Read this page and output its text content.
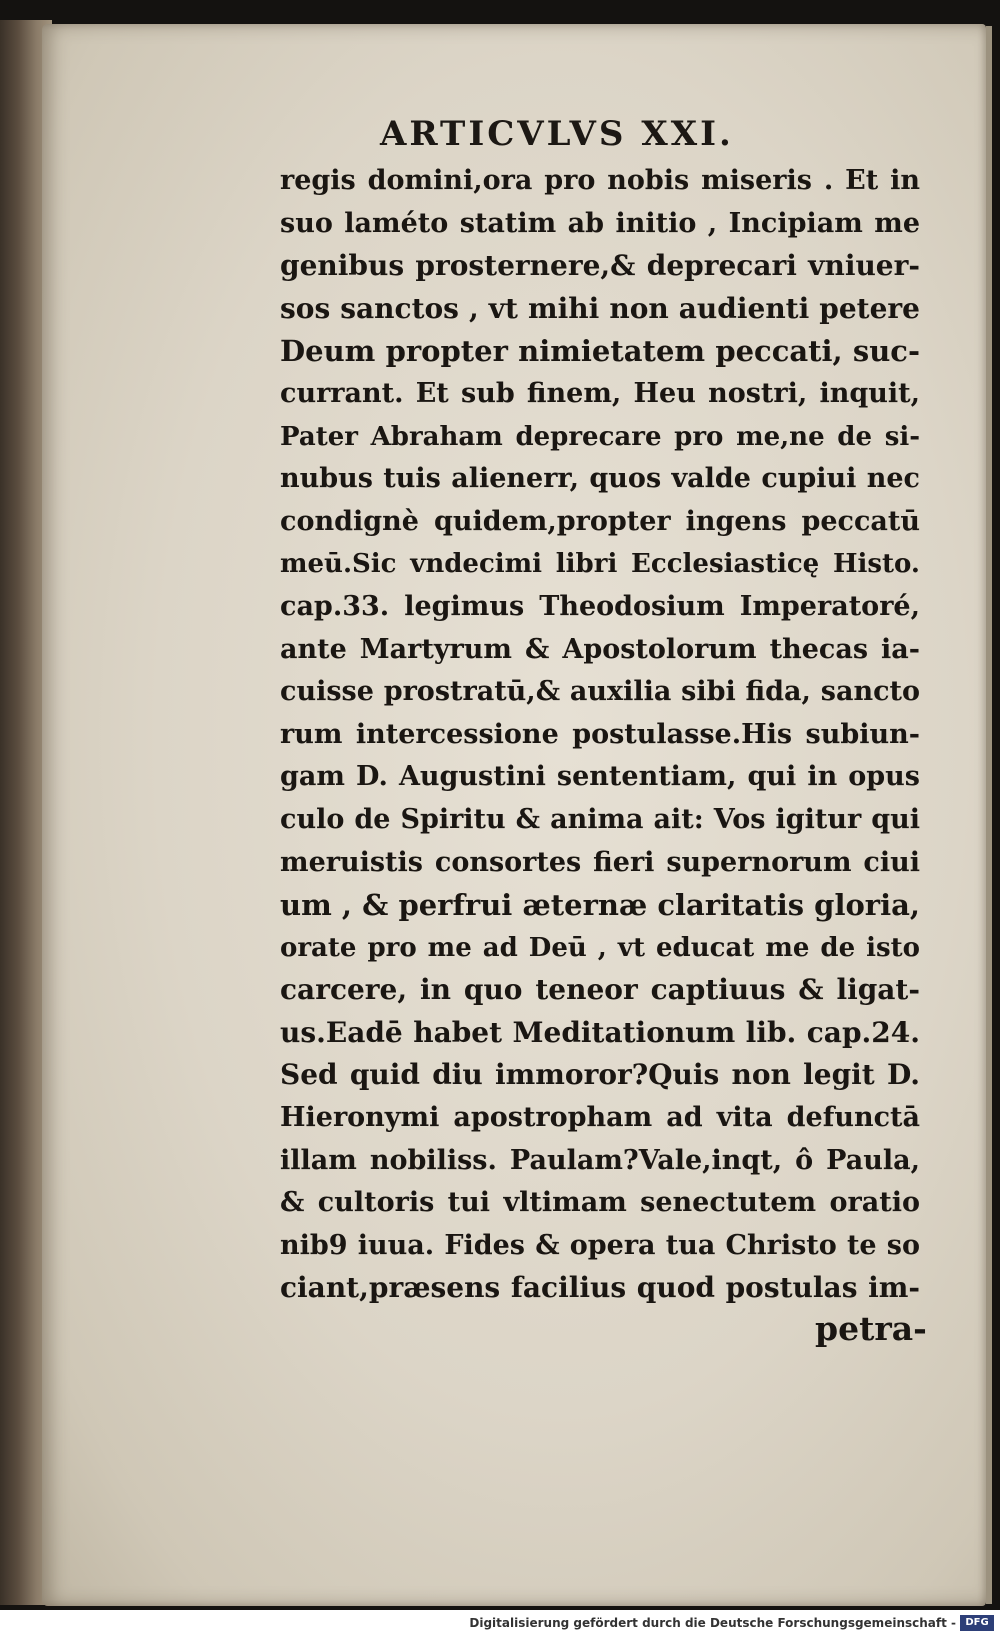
ARTICVLVS XXI.
regis domini,ora pro nobis miseris . Et in
suo laméto statim ab initio , Incipiam me
genibus prosternere,& deprecari vniuer-
sos sanctos , vt mihi non audienti petere
Deum propter nimietatem peccati, suc-
currant. Et sub finem, Heu nostri, inquit,
Pater Abraham deprecare pro me,ne de si-
nubus tuis alienerr, quos valde cupiui nec
condignè quidem,propter ingens peccatū
meū.Sic vndecimi libri Ecclesiasticę Histo.
cap.33. legimus Theodosium Imperatoré,
ante Martyrum & Apostolorum thecas ia-
cuisse prostratū,& auxilia sibi fida, sancto
rum intercessione postulasse.His subiun-
gam D. Augustini sententiam, qui in opus
culo de Spiritu & anima ait: Vos igitur qui
meruistis consortes fieri supernorum ciui
um , & perfrui æternæ claritatis gloria,
orate pro me ad Deū , vt educat me de isto
carcere, in quo teneor captiuus & ligat-
us.Eadē habet Meditationum lib. cap.24.
Sed quid diu immoror?Quis non legit D.
Hieronymi apostropham ad vita defunctā
illam nobiliss. Paulam?Vale,inqt, ô Paula,
& cultoris tui vltimam senectutem oratio
nib9 iuua. Fides & opera tua Christo te so
ciant,præsens facilius quod postulas im-
petra-
Digitalisierung gefördert durch die Deutsche Forschungsgemeinschaft - DFG
